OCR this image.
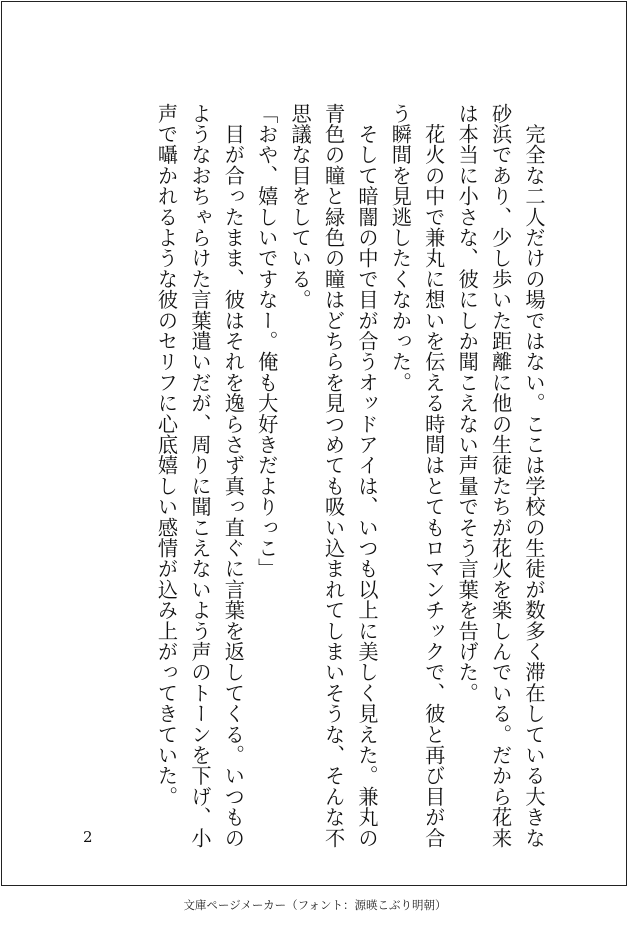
　完全な二人だけの場ではない。ここは学校の生徒が数多く滞在している大きな

砂浜であり、少し歩いた距離に他の生徒たちが花火を楽しんでいる。だから花来

は本当に小さな、彼にしか聞こえない声量でそう言葉を告げた。

　花火の中で兼丸に想いを伝える時間はとてもロマンチックで、彼と再び目が合

う瞬間を見逃したくなかった。

　そして暗闇の中で目が合うオッドアイは、いつも以上に美しく見えた。兼丸の

青色の瞳と緑色の瞳はどちらを見つめても吸い込まれてしまいそうな、そんな不

思議な目をしている。

「おや、嬉しいですなー。俺も大好きだよりっこ」

　目が合ったまま、彼はそれを逸らさず真っ直ぐに言葉を返してくる。いつもの

ようなおちゃらけた言葉遣いだが、周りに聞こえないよう声のトーンを下げ、小

声で囁かれるような彼のセリフに心底嬉しい感情が込み上がってきていた。

2
文庫ページメーカー（フォント：源暎こぶり明朝）
